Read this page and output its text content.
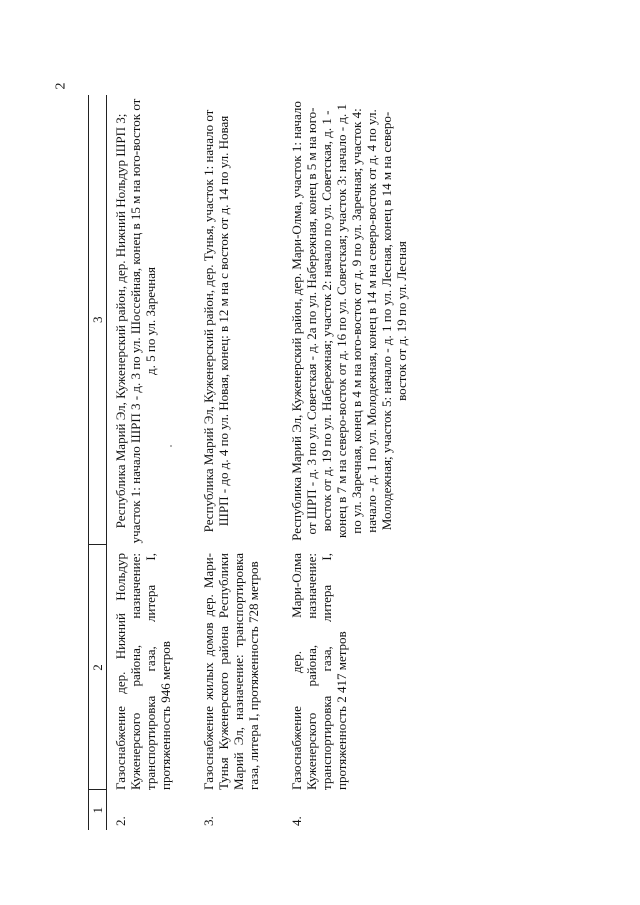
2
1	2	3
2.	Газоснабжение дер. Нижний Нольдур Куженерского района, назначение: транспортировка газа, литера I, протяженность 946 метров	Республика Марий Эл, Куженерский район, дер. Нижний Нольдур ШРП 3; участок 1: начало ШРП 3 - д. 3 по ул. Шоссейная, конец в 15 м на юго-восток от д. 5 по ул. Заречная
3.	Газоснабжение жилых домов дер. Мари-Тунья Куженерского района Республики Марий Эл, назначение: транспортировка газа, литера I, протяженность 728 метров	Республика Марий Эл, Куженерский район, дер. Тунья, участок 1: начало от ШРП - до д. 4 по ул. Новая, конец: в 12 м на с восток от д. 14 по ул. Новая
4.	Газоснабжение дер. Мари-Олма Куженерского района, назначение: транспортировка газа, литера I, протяженность 2 417 метров	Республика Марий Эл, Куженерский район, дер. Мари-Олма, участок 1: начало от ШРП - д. 3 по ул. Советская - д. 2а по ул. Набережная, конец в 5 м на юго-восток от д. 19 по ул. Набережная; участок 2: начало по ул. Советская, д. 1 - конец в 7 м на северо-восток от д. 16 по ул. Советская; участок 3: начало - д. 1 по ул. Заречная, конец в 4 м на юго-восток от д. 9 по ул. Заречная; участок 4: начало - д. 1 по ул. Молодежная, конец в 14 м на северо-восток от д. 4 по ул. Молодежная; участок 5: начало - д. 1 по ул. Лесная, конец в 14 м на северо-восток от д. 19 по ул. Лесная
